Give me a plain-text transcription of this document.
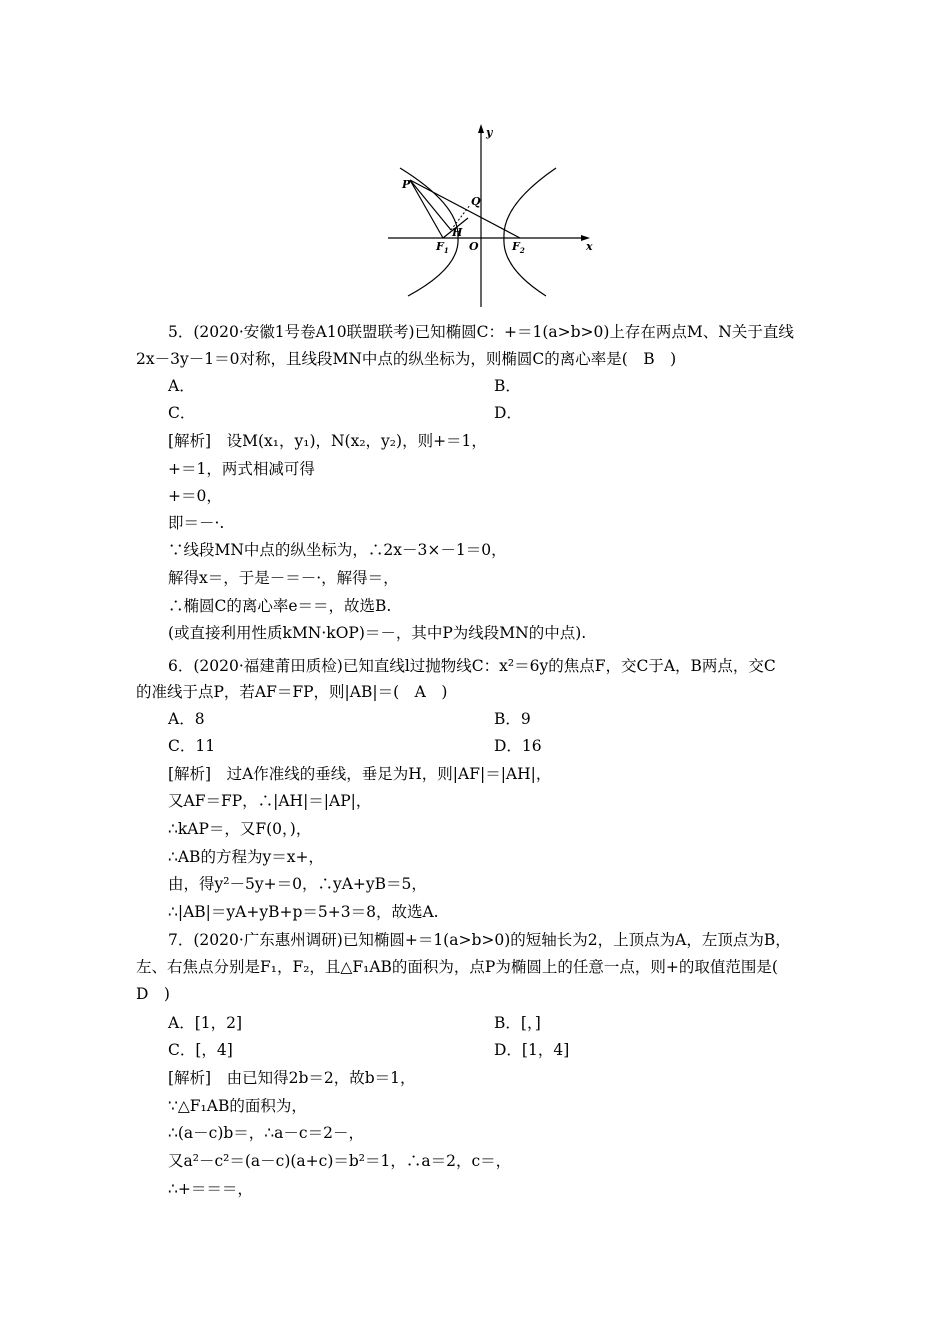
y
x
P
Q
H
O
$F_1$	$F_2$
5．(2020·安徽1号卷A10联盟联考)已知椭圆C：+＝1(a>b>0)上存在两点M、N关于直线
2x－3y－1＝0对称，且线段MN中点的纵坐标为，则椭圆C的离心率是(　B　)
A．	B．
C．	D．
[解析]　设M(x₁，y₁)，N(x₂，y₂)，则+＝1，
+＝1，两式相减可得
+＝0，
即＝－·.
∵线段MN中点的纵坐标为，∴2x－3×－1＝0，
解得x＝，于是－＝－·，解得＝，
∴椭圆C的离心率e＝＝，故选B.
(或直接利用性质kMN·kOP)＝－，其中P为线段MN的中点).
6．(2020·福建莆田质检)已知直线l过抛物线C：x²＝6y的焦点F，交C于A，B两点，交C
的准线于点P，若AF＝FP，则|AB|＝(　A　)
A．8	B．9
C．11	D．16
[解析]　过A作准线的垂线，垂足为H，则|AF|＝|AH|，
又AF＝FP，∴|AH|＝|AP|，
∴kAP＝，又F(0，)，
∴AB的方程为y＝x+，
由，得y²－5y+＝0，∴yA+yB＝5，
∴|AB|＝yA+yB+p＝5+3＝8，故选A.
7．(2020·广东惠州调研)已知椭圆+＝1(a>b>0)的短轴长为2，上顶点为A，左顶点为B，
左、右焦点分别是F₁，F₂，且△F₁AB的面积为，点P为椭圆上的任意一点，则+的取值范围是(
D　)
A．[1，2]	B．[，]
C．[，4]	D．[1，4]
[解析]　由已知得2b＝2，故b＝1，
∵△F₁AB的面积为，
∴(a－c)b＝，∴a－c＝2－，
又a²－c²＝(a－c)(a+c)＝b²＝1，∴a＝2，c＝，
∴+＝＝＝，
